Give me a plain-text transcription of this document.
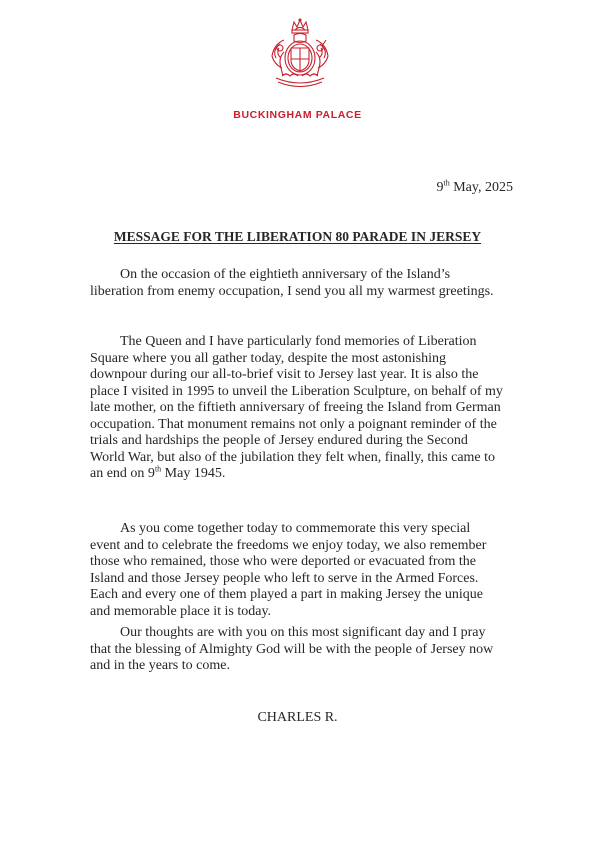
BUCKINGHAM PALACE
9th May, 2025
MESSAGE FOR THE LIBERATION 80 PARADE IN JERSEY

On the occasion of the eightieth anniversary of the Island’s
liberation from enemy occupation, I send you all my warmest greetings.

The Queen and I have particularly fond memories of Liberation
Square where you all gather today, despite the most astonishing
downpour during our all-to-brief visit to Jersey last year. It is also the
place I visited in 1995 to unveil the Liberation Sculpture, on behalf of my
late mother, on the fiftieth anniversary of freeing the Island from German
occupation. That monument remains not only a poignant reminder of the
trials and hardships the people of Jersey endured during the Second
World War, but also of the jubilation they felt when, finally, this came to
an end on 9th May 1945.

As you come together today to commemorate this very special
event and to celebrate the freedoms we enjoy today, we also remember
those who remained, those who were deported or evacuated from the
Island and those Jersey people who left to serve in the Armed Forces.
Each and every one of them played a part in making Jersey the unique
and memorable place it is today.

Our thoughts are with you on this most significant day and I pray
that the blessing of Almighty God will be with the people of Jersey now
and in the years to come.

CHARLES R.
